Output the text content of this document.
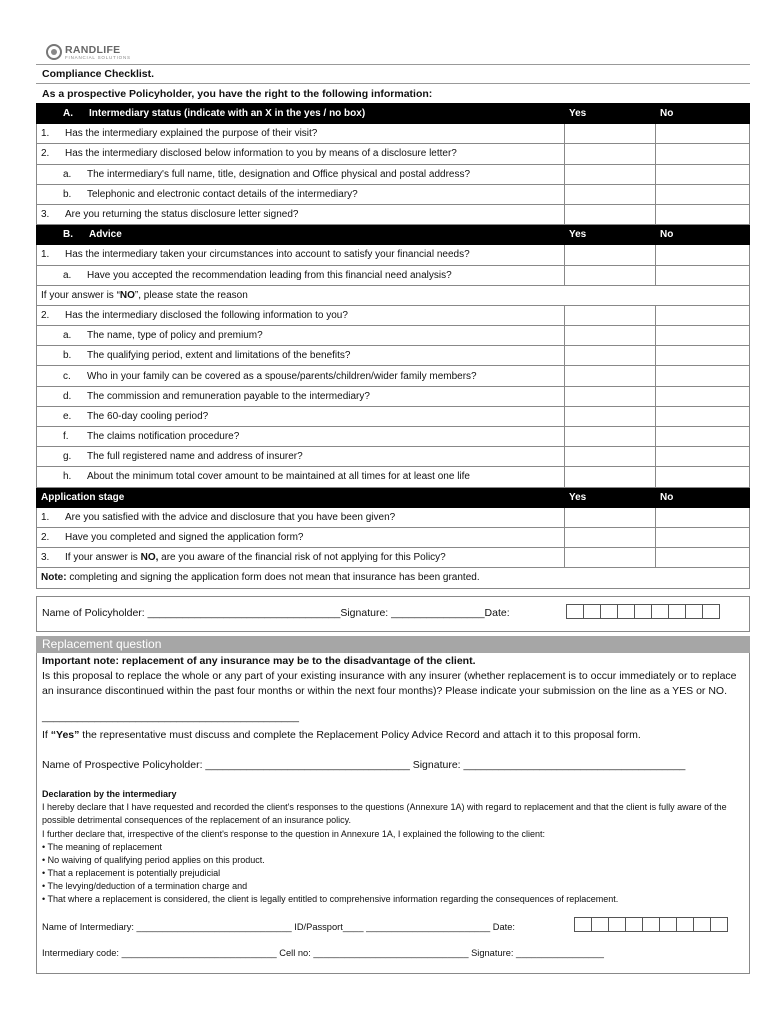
RANDLIFE
FINANCIAL SOLUTIONS
Compliance Checklist.
As a prospective Policyholder, you have the right to the following information:
A. Intermediary status (indicate with an X in the yes / no box)	Yes	No
1. Has the intermediary explained the purpose of their visit?		
2. Has the intermediary disclosed below information to you by means of a disclosure letter?		
a. The intermediary's full name, title, designation and Office physical and postal address?		
b. Telephonic and electronic contact details of the intermediary?		
3. Are you returning the status disclosure letter signed?		
B. Advice	Yes	No
1. Has the intermediary taken your circumstances into account to satisfy your financial needs?		
a. Have you accepted the recommendation leading from this financial need analysis?		
If your answer is “NO”, please state the reason		
2. Has the intermediary disclosed the following information to you?		
a. The name, type of policy and premium?		
b. The qualifying period, extent and limitations of the benefits?		
c. Who in your family can be covered as a spouse/parents/children/wider family members?		
d. The commission and remuneration payable to the intermediary?		
e. The 60-day cooling period?		
f. The claims notification procedure?		
g. The full registered name and address of insurer?		
h. About the minimum total cover amount to be maintained at all times for at least one life		
Application stage	Yes	No
1. Are you satisfied with the advice and disclosure that you have been given?		
2. Have you completed and signed the application form?		
3. If your answer is NO, are you aware of the financial risk of not applying for this Policy?		
Note: completing and signing the application form does not mean that insurance has been granted.		
Name of Policyholder: _________________________________Signature: ________________Date:
Replacement question
Important note: replacement of any insurance may be to the disadvantage of the client.
Is this proposal to replace the whole or any part of your existing insurance with any insurer (whether replacement is to occur immediately or to replace an insurance discontinued within the past four months or within the next four months)? Please indicate your submission on the line as a YES or NO.
____________________________________________
If “Yes” the representative must discuss and complete the Replacement Policy Advice Record and attach it to this proposal form.
Name of Prospective Policyholder: ___________________________________ Signature: ______________________________________
Declaration by the intermediary
I hereby declare that I have requested and recorded the client's responses to the questions (Annexure 1A) with regard to replacement and that the client is fully aware of the possible detrimental consequences of the replacement of an insurance policy.
I further declare that, irrespective of the client's response to the question in Annexure 1A, I explained the following to the client:
• The meaning of replacement
• No waiving of qualifying period applies on this product.
• That a replacement is potentially prejudicial
• The levying/deduction of a termination charge and
• That where a replacement is considered, the client is legally entitled to comprehensive information regarding the consequences of replacement.
Name of Intermediary: ______________________________ ID/Passport____ ________________________ Date:
Intermediary code: ______________________________ Cell no: ______________________________ Signature: _________________
